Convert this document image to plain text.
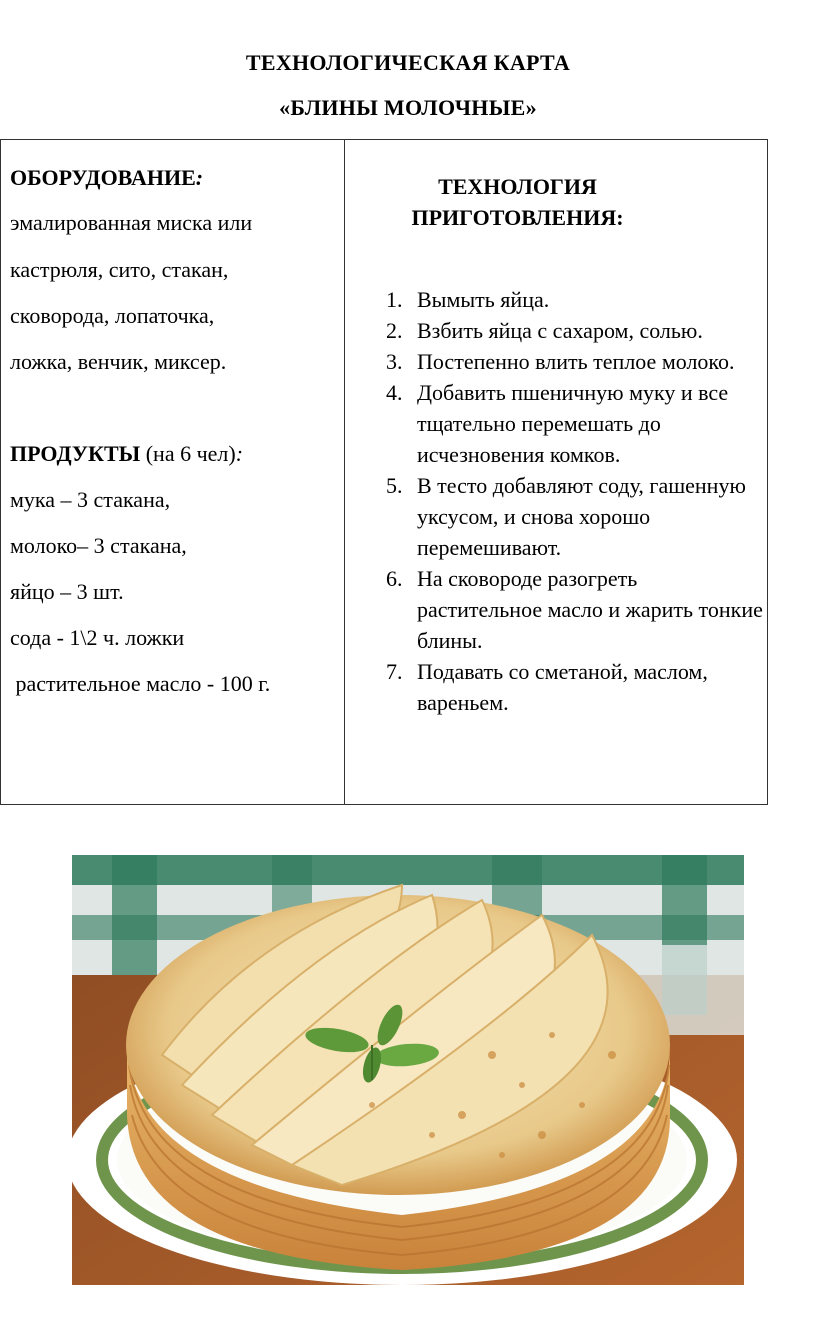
ТЕХНОЛОГИЧЕСКАЯ КАРТА
«БЛИНЫ МОЛОЧНЫЕ»
ОБОРУДОВАНИЕ:
эмалированная миска или
кастрюля, сито, стакан,
сковорода, лопаточка,
ложка, венчик, миксер.
ПРОДУКТЫ (на 6 чел):
мука – 3 стакана,
молоко– 3 стакана,
яйцо – 3 шт.
сода - 1\2 ч. ложки
растительное масло - 100 г.
ТЕХНОЛОГИЯ
ПРИГОТОВЛЕНИЯ:
1. Вымыть яйца.
2. Взбить яйца с сахаром, солью.
3. Постепенно влить теплое молоко.
4. Добавить пшеничную муку и все тщательно перемешать до исчезновения комков.
5. В тесто добавляют соду, гашенную уксусом, и снова хорошо перемешивают.
6. На сковороде разогреть растительное масло и жарить тонкие блины.
7. Подавать со сметаной, маслом, вареньем.
